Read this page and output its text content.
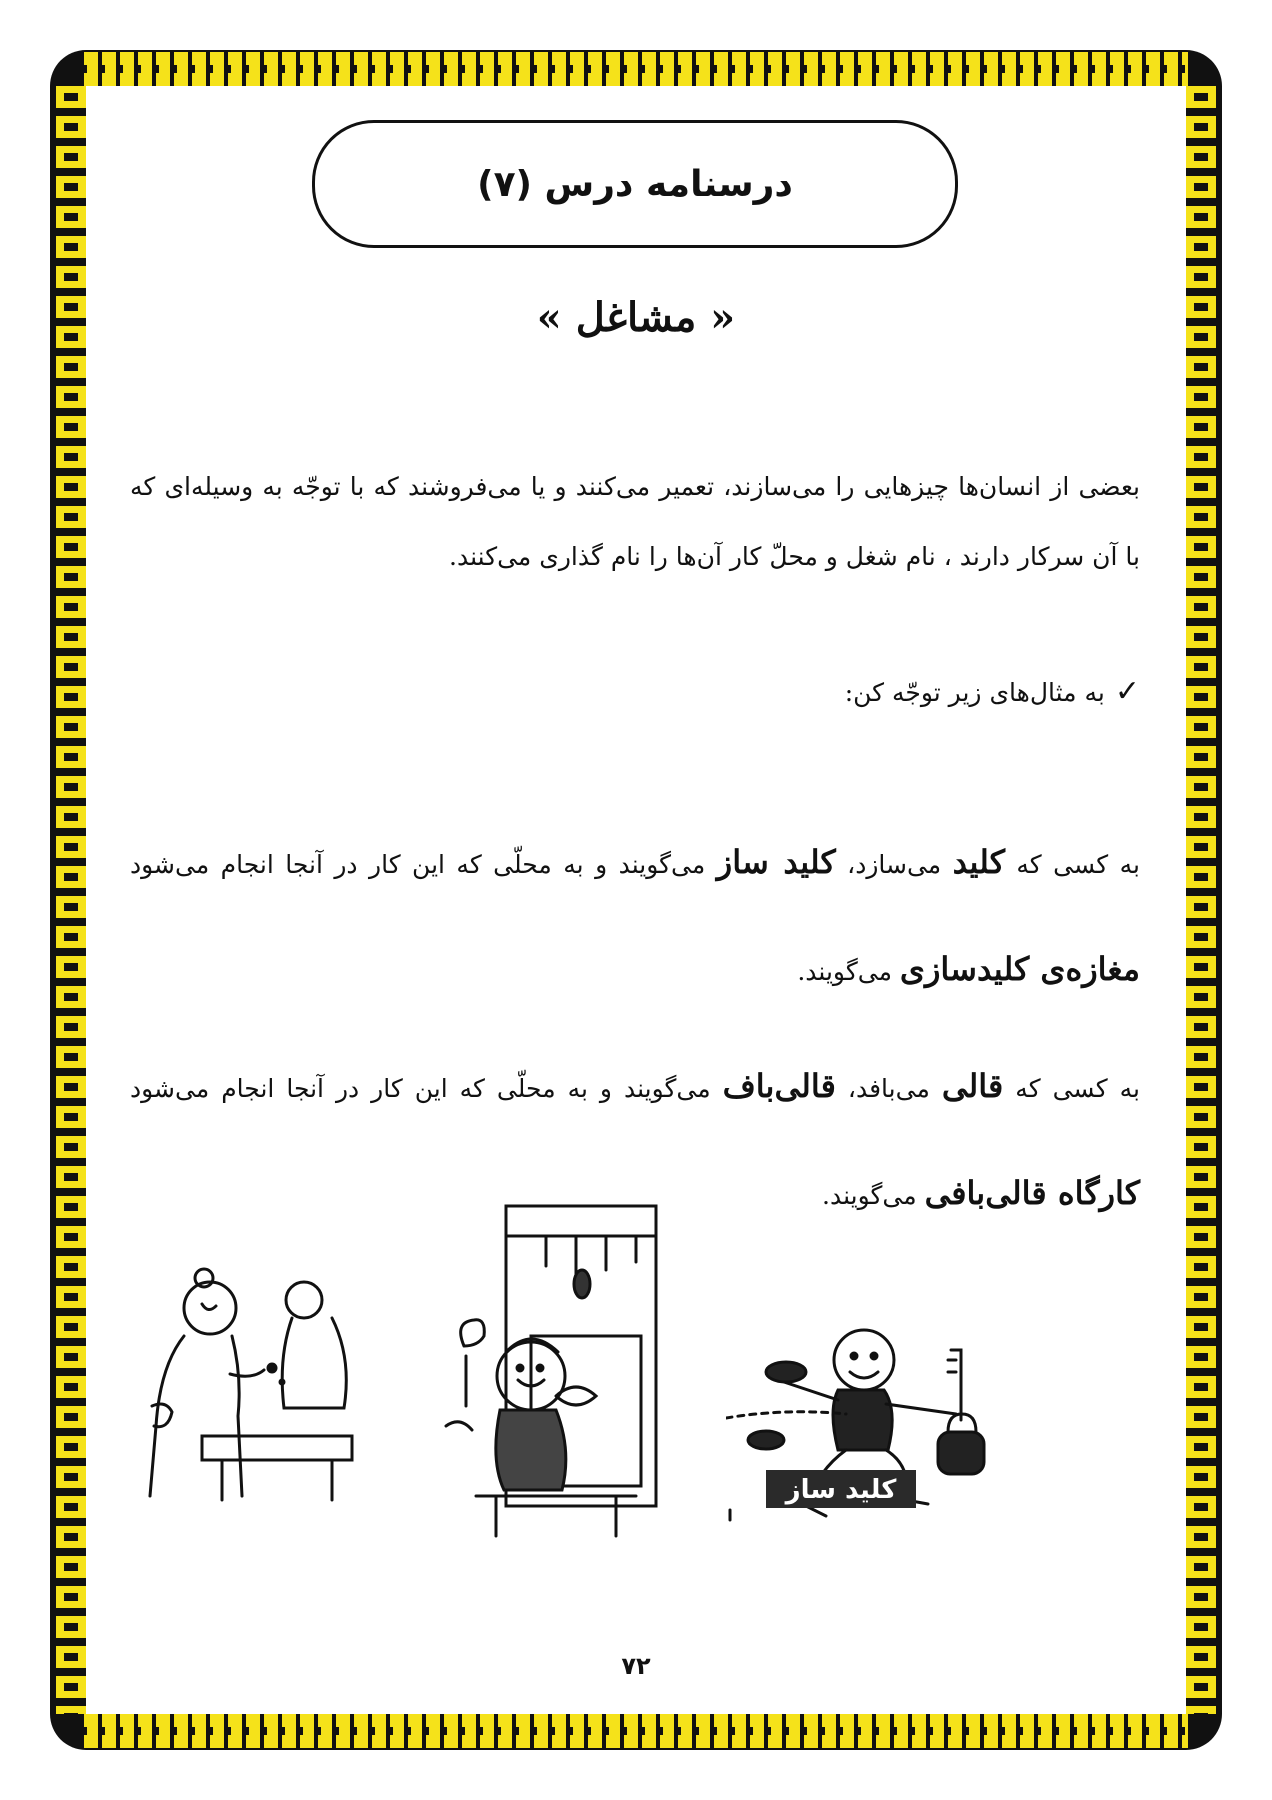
درسنامه درس (۷)
« مشاغل »
بعضی از انسان‌ها چیزهایی را می‌سازند، تعمیر می‌کنند و یا می‌فروشند که با توجّه به وسیله‌ای که با آن سرکار دارند ، نام شغل و محلّ کار آن‌ها را نام گذاری می‌کنند.
✓به مثال‌های زیر توجّه کن:
به کسی که کلید می‌سازد، کلید ساز می‌گویند و به محلّی که این کار در آنجا انجام می‌شود مغازه‌ی کلیدسازی می‌گویند.
به کسی که قالی می‌بافد، قالی‌باف می‌گویند و به محلّی که این کار در آنجا انجام می‌شود کارگاه قالی‌بافی می‌گویند.
کلید ساز
۷۲
